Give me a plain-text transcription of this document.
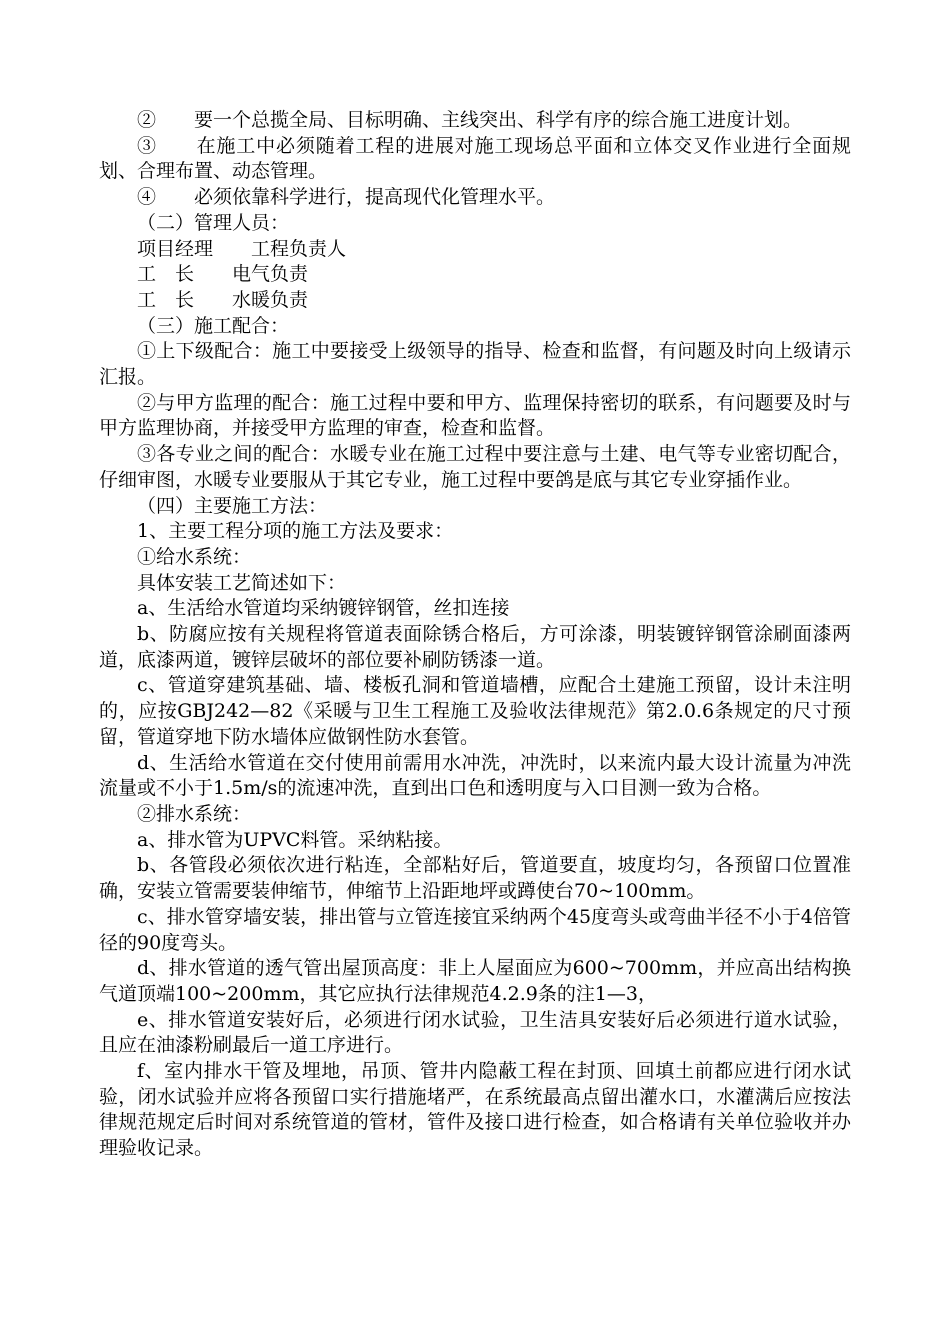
②　　要一个总揽全局、目标明确、主线突出、科学有序的综合施工进度计划。

③　　在施工中必须随着工程的进展对施工现场总平面和立体交叉作业进行全面规划、合理布置、动态管理。

④　　必须依靠科学进行，提高现代化管理水平。

（二）管理人员：

项目经理　　工程负责人

工　长　　电气负责

工　长　　水暖负责

（三）施工配合：

①上下级配合：施工中要接受上级领导的指导、检查和监督，有问题及时向上级请示汇报。

②与甲方监理的配合：施工过程中要和甲方、监理保持密切的联系，有问题要及时与甲方监理协商，并接受甲方监理的审查，检查和监督。

③各专业之间的配合：水暖专业在施工过程中要注意与土建、电气等专业密切配合，仔细审图，水暖专业要服从于其它专业，施工过程中要鸽是底与其它专业穿插作业。

（四）主要施工方法：

1、主要工程分项的施工方法及要求：

①给水系统：

具体安装工艺简述如下：

a、生活给水管道均采纳镀锌钢管，丝扣连接

b、防腐应按有关规程将管道表面除锈合格后，方可涂漆，明装镀锌钢管涂刷面漆两道，底漆两道，镀锌层破坏的部位要补刷防锈漆一道。

c、管道穿建筑基础、墙、楼板孔洞和管道墙槽，应配合土建施工预留，设计未注明的，应按GBJ242—82《采暖与卫生工程施工及验收法律规范》第2.0.6条规定的尺寸预留，管道穿地下防水墙体应做钢性防水套管。

d、生活给水管道在交付使用前需用水冲洗，冲洗时，以来流内最大设计流量为冲洗流量或不小于1.5m/s的流速冲洗，直到出口色和透明度与入口目测一致为合格。

②排水系统：

a、排水管为UPVC料管。采纳粘接。

b、各管段必须依次进行粘连，全部粘好后，管道要直，坡度均匀，各预留口位置准确，安装立管需要装伸缩节，伸缩节上沿距地坪或蹲使台70~100mm。

c、排水管穿墙安装，排出管与立管连接宜采纳两个45度弯头或弯曲半径不小于4倍管径的90度弯头。

d、排水管道的透气管出屋顶高度：非上人屋面应为600~700mm，并应高出结构换气道顶端100~200mm，其它应执行法律规范4.2.9条的注1—3，

e、排水管道安装好后，必须进行闭水试验，卫生洁具安装好后必须进行道水试验，且应在油漆粉刷最后一道工序进行。

f、室内排水干管及埋地，吊顶、管井内隐蔽工程在封顶、回填土前都应进行闭水试验，闭水试验并应将各预留口实行措施堵严，在系统最高点留出灌水口，水灌满后应按法律规范规定后时间对系统管道的管材，管件及接口进行检查，如合格请有关单位验收并办理验收记录。
